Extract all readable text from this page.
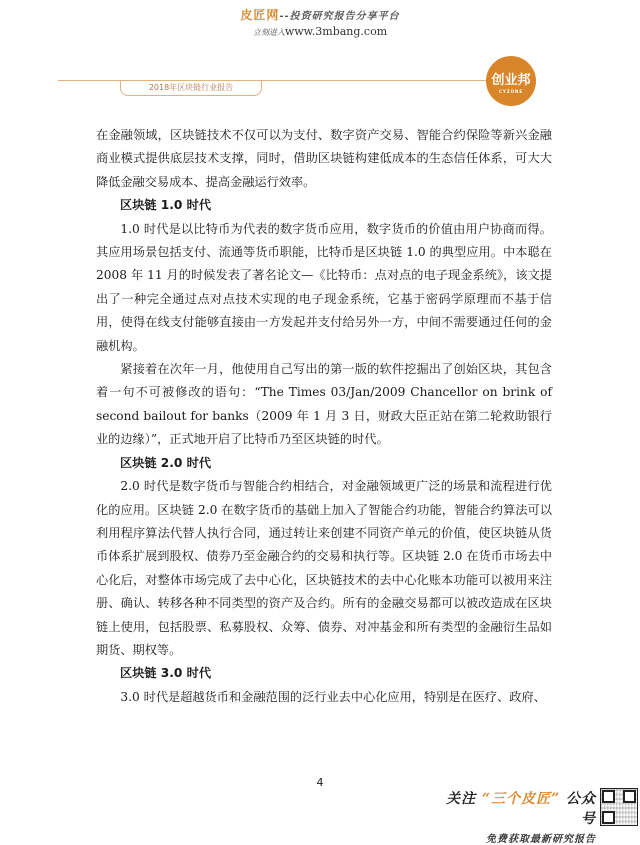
皮匠网--投资研究报告分享平台
立刻进入www.3mbang.com
2018年区块链行业报告	创业邦
CYZONE

在金融领域，区块链技术不仅可以为支付、数字资产交易、智能合约保险等新兴金融商业模式提供底层技术支撑，同时，借助区块链构建低成本的生态信任体系，可大大降低金融交易成本、提高金融运行效率。

区块链 1.0 时代

1.0 时代是以比特币为代表的数字货币应用，数字货币的价值由用户协商而得。其应用场景包括支付、流通等货币职能，比特币是区块链 1.0 的典型应用。中本聪在 2008 年 11 月的时候发表了著名论文—《比特币：点对点的电子现金系统》，该文提出了一种完全通过点对点技术实现的电子现金系统，它基于密码学原理而不基于信用，使得在线支付能够直接由一方发起并支付给另外一方，中间不需要通过任何的金融机构。

紧接着在次年一月，他使用自己写出的第一版的软件挖掘出了创始区块，其包含着一句不可被修改的语句：“The Times 03/Jan/2009 Chancellor on brink of second bailout for banks（2009 年 1 月 3 日，财政大臣正站在第二轮救助银行业的边缘）”，正式地开启了比特币乃至区块链的时代。

区块链 2.0 时代

2.0 时代是数字货币与智能合约相结合，对金融领域更广泛的场景和流程进行优化的应用。区块链 2.0 在数字货币的基础上加入了智能合约功能，智能合约算法可以利用程序算法代替人执行合同，通过转让来创建不同资产单元的价值，使区块链从货币体系扩展到股权、债券乃至金融合约的交易和执行等。区块链 2.0 在货币市场去中心化后，对整体市场完成了去中心化，区块链技术的去中心化账本功能可以被用来注册、确认、转移各种不同类型的资产及合约。所有的金融交易都可以被改造成在区块链上使用，包括股票、私募股权、众筹、债券、对冲基金和所有类型的金融衍生品如期货、期权等。

区块链 3.0 时代

3.0 时代是超越货币和金融范围的泛行业去中心化应用，特别是在医疗、政府、

4
关注 “三个皮匠” 公众号
免费获取最新研究报告
